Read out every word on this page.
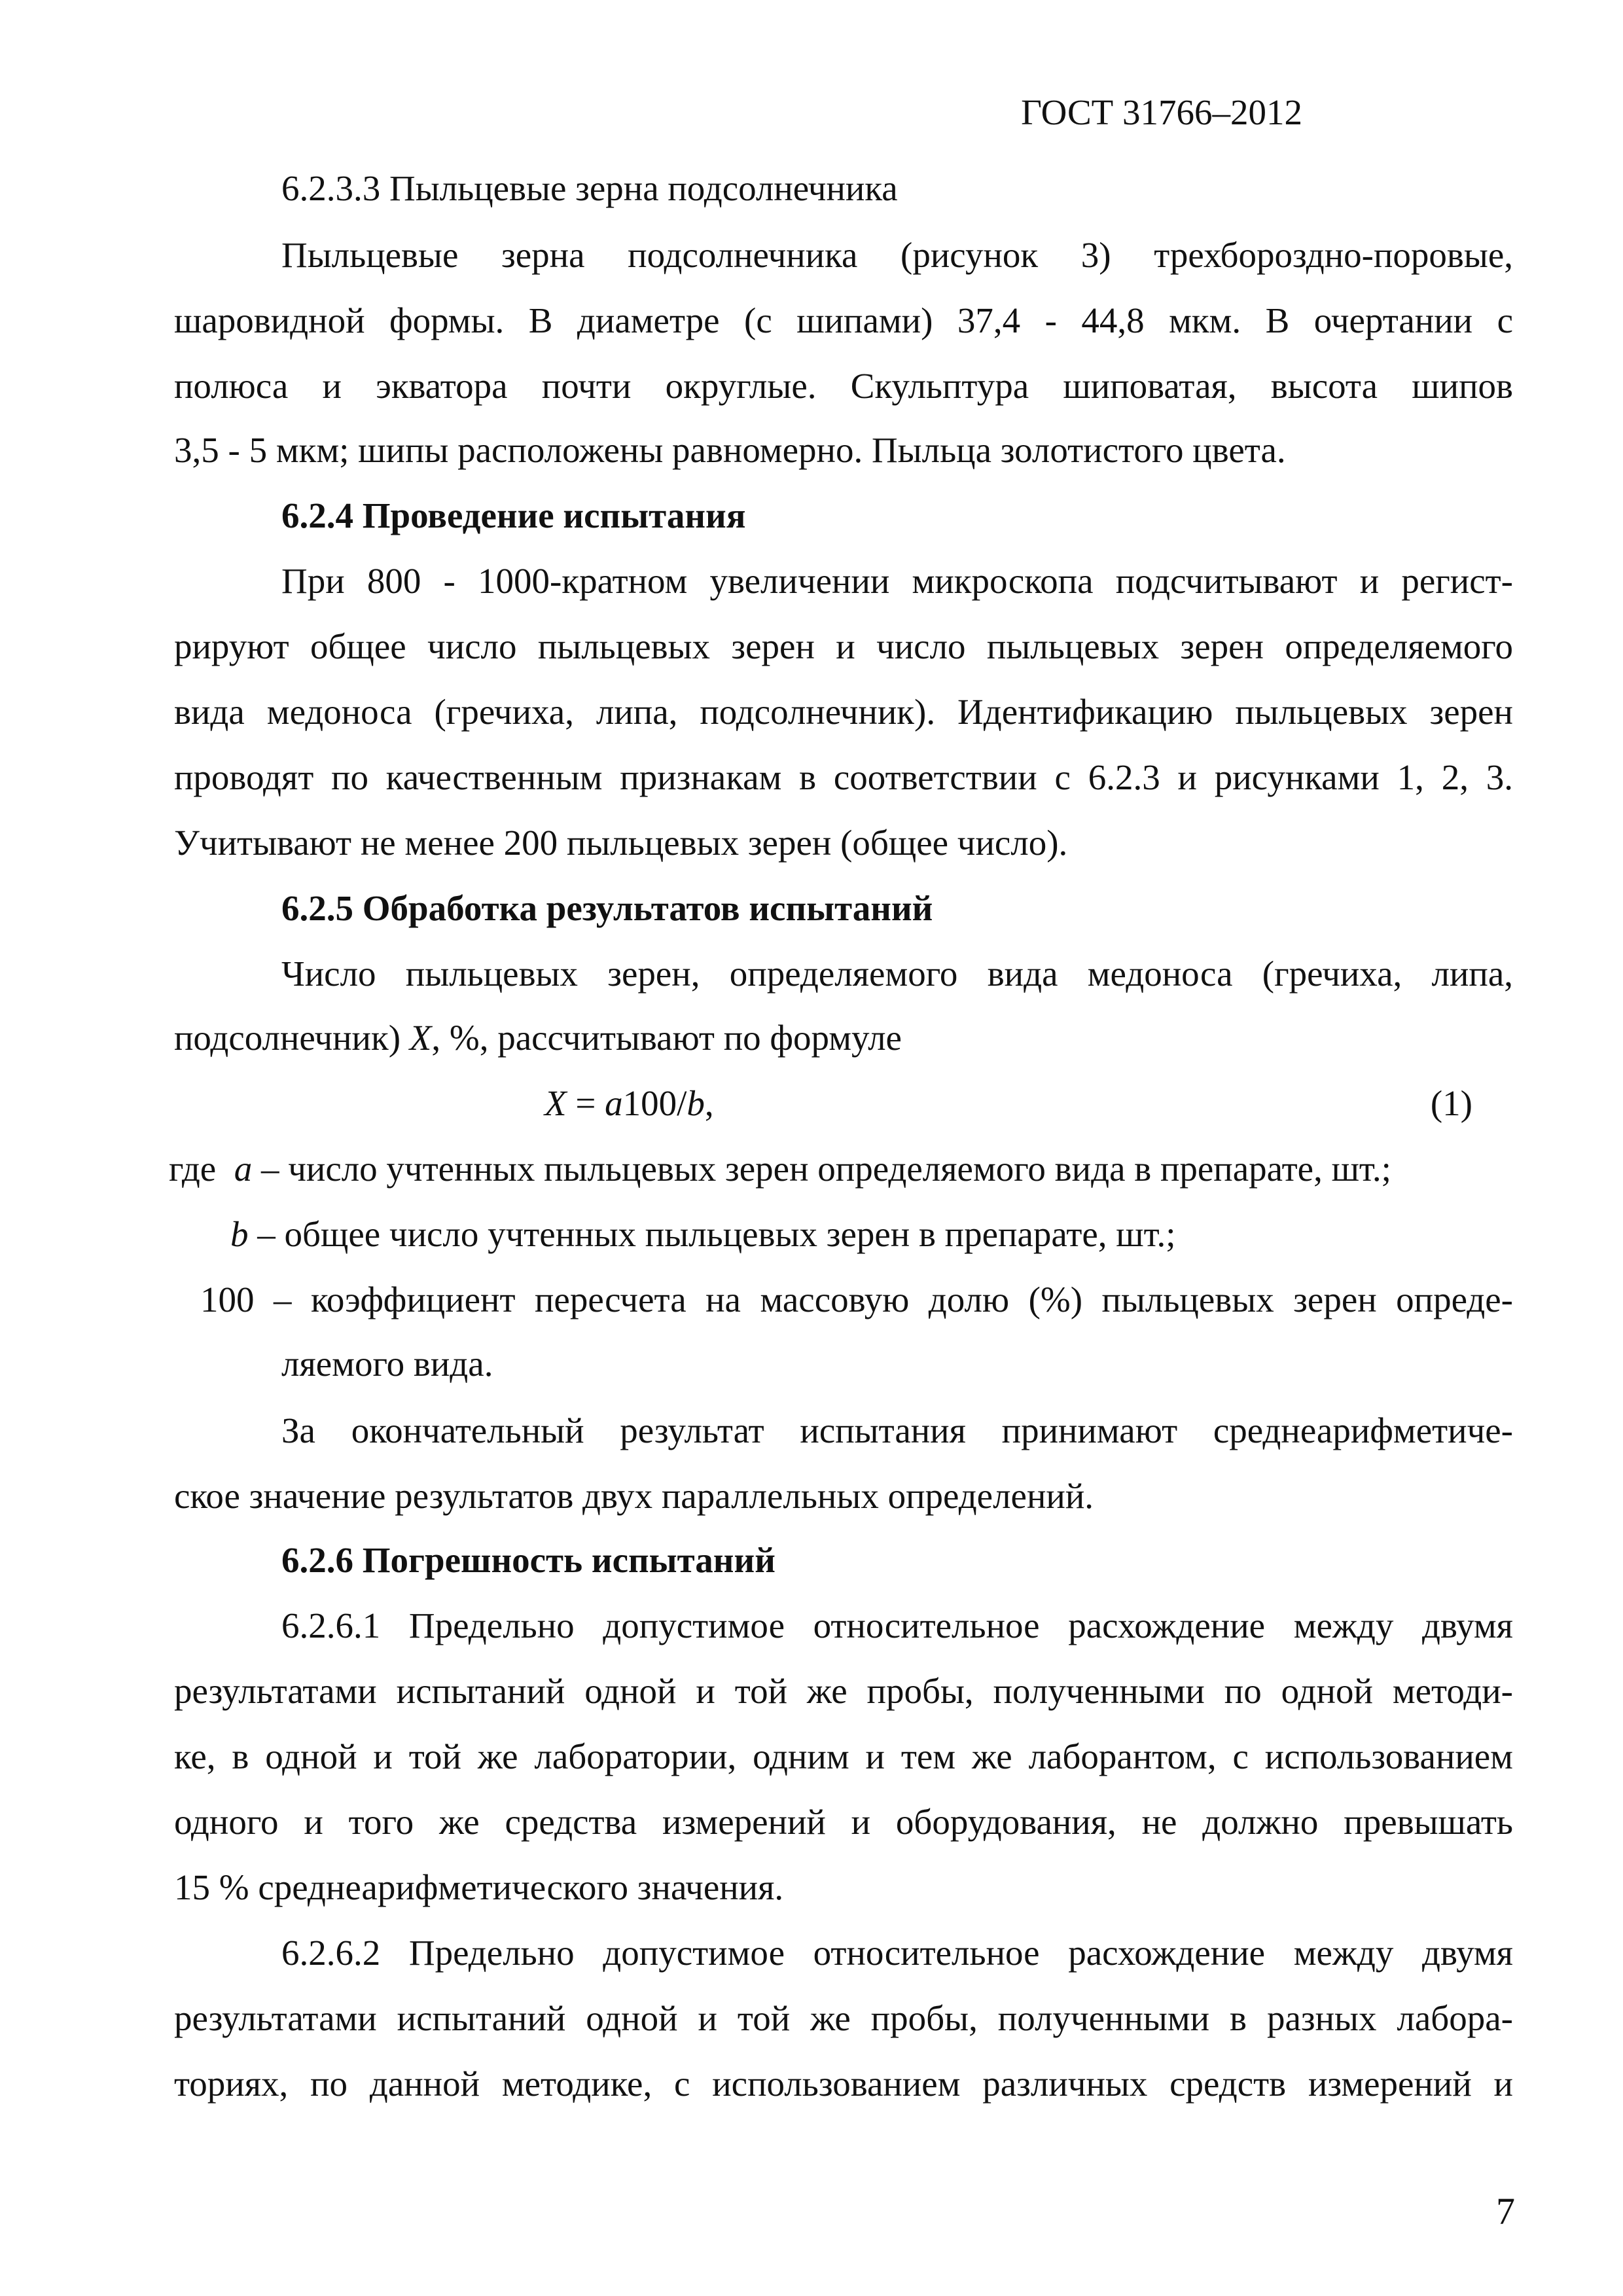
ГОСТ 31766–2012
6.2.3.3 Пыльцевые зерна подсолнечника
Пыльцевые зерна подсолнечника (рисунок 3) трехбороздно-поровые,
шаровидной формы. В диаметре (с шипами) 37,4 - 44,8 мкм. В очертании с
полюса и экватора почти округлые. Скульптура шиповатая, высота шипов
3,5 - 5 мкм; шипы расположены равномерно. Пыльца золотистого цвета.
6.2.4 Проведение испытания
При 800 - 1000-кратном увеличении микроскопа подсчитывают и регист-
рируют общее число пыльцевых зерен и число пыльцевых зерен определяемого
вида медоноса (гречиха, липа, подсолнечник). Идентификацию пыльцевых зерен
проводят по качественным признакам в соответствии с 6.2.3 и рисунками 1, 2, 3.
Учитывают не менее 200 пыльцевых зерен (общее число).
6.2.5 Обработка результатов испытаний
Число пыльцевых зерен, определяемого вида медоноса (гречиха, липа,
подсолнечник) X, %, рассчитывают по формуле
X = a100/b,	(1)
где a – число учтенных пыльцевых зерен определяемого вида в препарате, шт.;
b – общее число учтенных пыльцевых зерен в препарате, шт.;
100 – коэффициент пересчета на массовую долю (%) пыльцевых зерен опреде-
ляемого вида.
За окончательный результат испытания принимают среднеарифметиче-
ское значение результатов двух параллельных определений.
6.2.6 Погрешность испытаний
6.2.6.1 Предельно допустимое относительное расхождение между двумя
результатами испытаний одной и той же пробы, полученными по одной методи-
ке, в одной и той же лаборатории, одним и тем же лаборантом, с использованием
одного и того же средства измерений и оборудования, не должно превышать
15 % среднеарифметического значения.
6.2.6.2 Предельно допустимое относительное расхождение между двумя
результатами испытаний одной и той же пробы, полученными в разных лабора-
ториях, по данной методике, с использованием различных средств измерений и
7
